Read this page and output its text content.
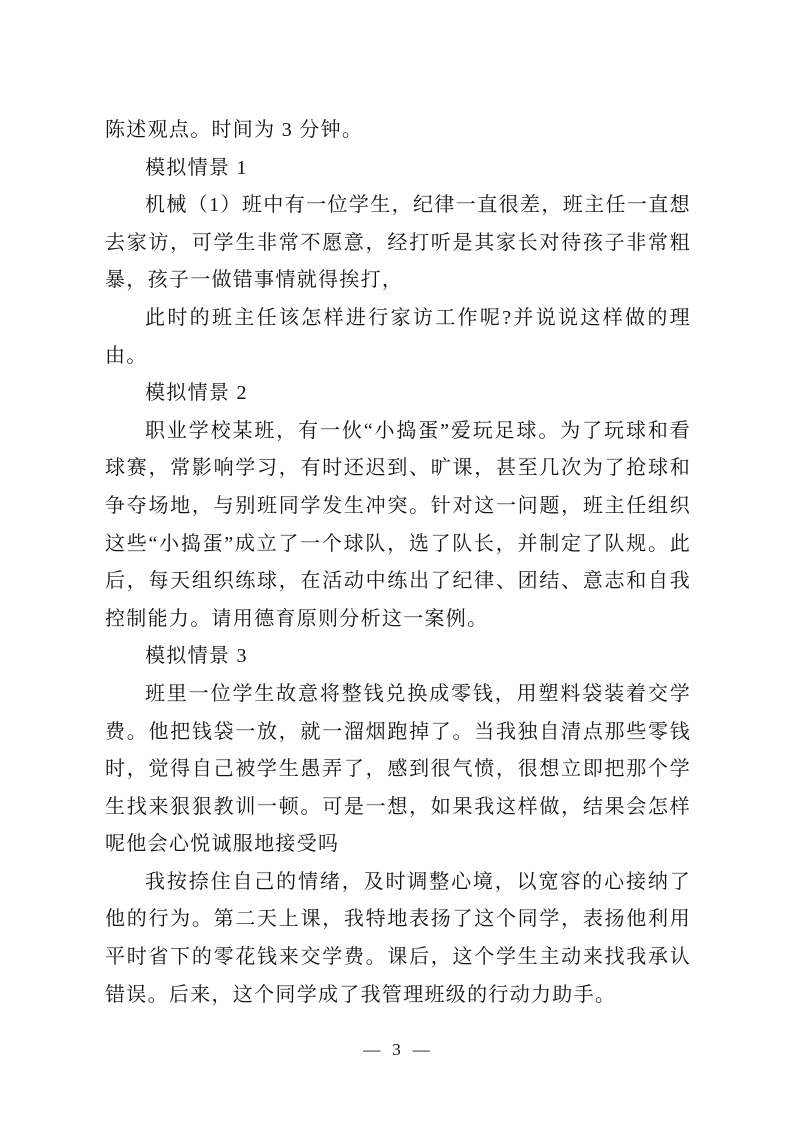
陈述观点。时间为 3 分钟。

模拟情景 1

机械（1）班中有一位学生，纪律一直很差，班主任一直想去家访，可学生非常不愿意，经打听是其家长对待孩子非常粗暴，孩子一做错事情就得挨打，

此时的班主任该怎样进行家访工作呢?并说说这样做的理由。

模拟情景 2

职业学校某班，有一伙“小捣蛋”爱玩足球。为了玩球和看球赛，常影响学习，有时还迟到、旷课，甚至几次为了抢球和争夺场地，与别班同学发生冲突。针对这一问题，班主任组织这些“小捣蛋”成立了一个球队，选了队长，并制定了队规。此后，每天组织练球，在活动中练出了纪律、团结、意志和自我控制能力。请用德育原则分析这一案例。

模拟情景 3

班里一位学生故意将整钱兑换成零钱，用塑料袋装着交学费。他把钱袋一放，就一溜烟跑掉了。当我独自清点那些零钱时，觉得自己被学生愚弄了，感到很气愤，很想立即把那个学生找来狠狠教训一顿。可是一想，如果我这样做，结果会怎样呢他会心悦诚服地接受吗

我按捺住自己的情绪，及时调整心境，以宽容的心接纳了他的行为。第二天上课，我特地表扬了这个同学，表扬他利用平时省下的零花钱来交学费。课后，这个学生主动来找我承认错误。后来，这个同学成了我管理班级的行动力助手。

— 3 —
